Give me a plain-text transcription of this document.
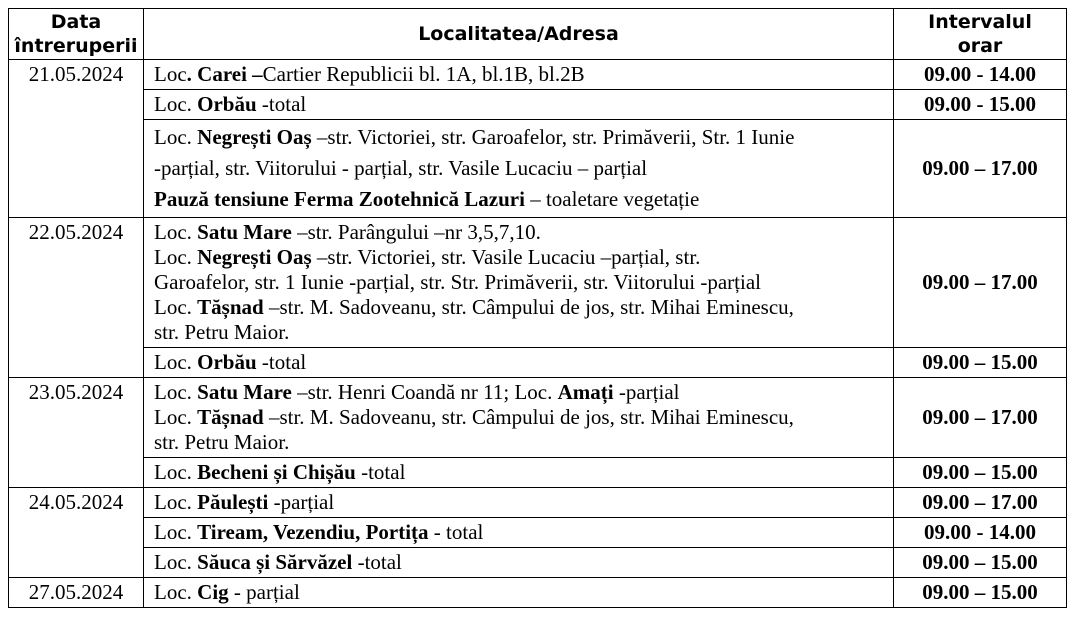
Data
întreruperii

Localitatea/Adresa

Intervalul
orar

21.05.2024	Loc. Carei –Cartier Republicii bl. 1A, bl.1B, bl.2B	09.00 - 14.00

	Loc. Orbău -total	09.00 - 15.00

	Loc. Negrești Oaș –str. Victoriei, str. Garoafelor, str. Primăverii, Str. 1 Iunie
-parțial, str. Viitorului - parțial, str. Vasile Lucaciu – parțial
Pauză tensiune Ferma Zootehnică Lazuri – toaletare vegetație	09.00 – 17.00
22.05.2024	Loc. Satu Mare –str. Parângului –nr 3,5,7,10.
Loc. Negrești Oaș –str. Victoriei, str. Vasile Lucaciu –parțial, str.
Garoafelor, str. 1 Iunie -parțial, str. Str. Primăverii, str. Viitorului -parțial
Loc. Tășnad –str. M. Sadoveanu, str. Câmpului de jos, str. Mihai Eminescu,
str. Petru Maior.	09.00 – 17.00

	Loc. Orbău -total	09.00 – 15.00
23.05.2024	Loc. Satu Mare –str. Henri Coandă nr 11; Loc. Amați -parțial
Loc. Tășnad –str. M. Sadoveanu, str. Câmpului de jos, str. Mihai Eminescu,
str. Petru Maior.	09.00 – 17.00

	Loc. Becheni și Chișău -total	09.00 – 15.00
24.05.2024	Loc. Păulești -parțial	09.00 – 17.00

	Loc. Tiream, Vezendiu, Portița - total	09.00 - 14.00

	Loc. Săuca și Sărvăzel -total	09.00 – 15.00
27.05.2024	Loc. Cig - parțial	09.00 – 15.00
